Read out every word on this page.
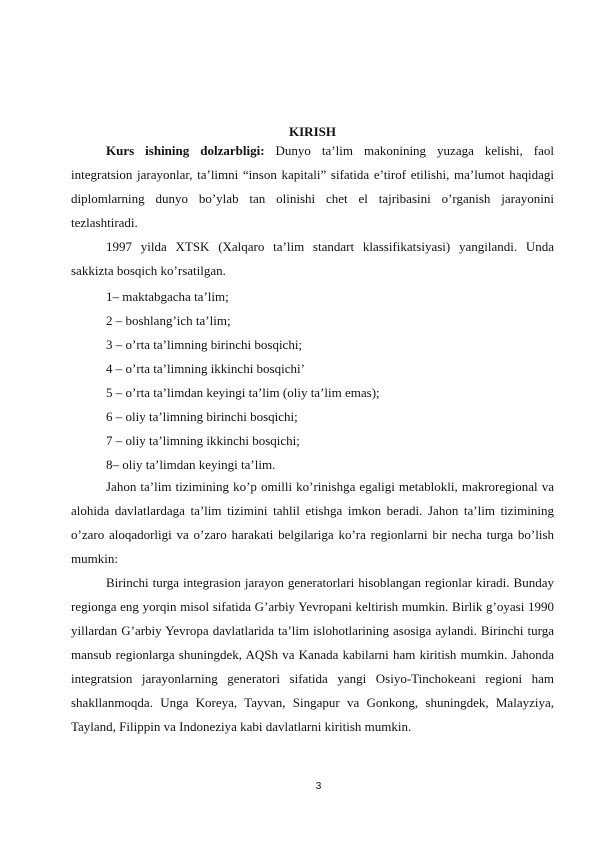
KIRISH
Kurs ishining dolzarbligi: Dunyo ta’lim makonining yuzaga kelishi, faol integratsion jarayonlar, ta’limni “inson kapitali” sifatida e’tirof etilishi, ma’lumot haqidagi diplomlarning dunyo bo’ylab tan olinishi chet el tajribasini o’rganish jarayonini tezlashtiradi.
1997 yilda XTSK (Xalqaro ta’lim standart klassifikatsiyasi) yangilandi. Unda sakkizta bosqich ko’rsatilgan.
1– maktabgacha ta’lim;
2 – boshlang’ich ta’lim;
3 – o’rta ta’limning birinchi bosqichi;
4 – o’rta ta’limning ikkinchi bosqichi’
5 – o’rta ta’limdan keyingi ta’lim (oliy ta’lim emas);
6 – oliy ta’limning birinchi bosqichi;
7 – oliy ta’limning ikkinchi bosqichi;
8– oliy ta’limdan keyingi ta’lim.
Jahon ta’lim tizimining ko’p omilli ko’rinishga egaligi metablokli, makroregional va alohida davlatlardaga ta’lim tizimini tahlil etishga imkon beradi. Jahon ta’lim tizimining o’zaro aloqadorligi va o’zaro harakati belgilariga ko’ra regionlarni bir necha turga bo’lish mumkin:
Birinchi turga integrasion jarayon generatorlari hisoblangan regionlar kiradi. Bunday regionga eng yorqin misol sifatida G’arbiy Yevropani keltirish mumkin. Birlik g’oyasi 1990 yillardan G’arbiy Yevropa davlatlarida ta’lim islohotlarining asosiga aylandi. Birinchi turga mansub regionlarga shuningdek, AQSh va Kanada kabilarni ham kiritish mumkin. Jahonda integratsion jarayonlarning generatori sifatida yangi Osiyo-Tinchokeani regioni ham shakllanmoqda. Unga Koreya, Tayvan, Singapur va Gonkong, shuningdek, Malayziya, Tayland, Filippin va Indoneziya kabi davlatlarni kiritish mumkin.
3
